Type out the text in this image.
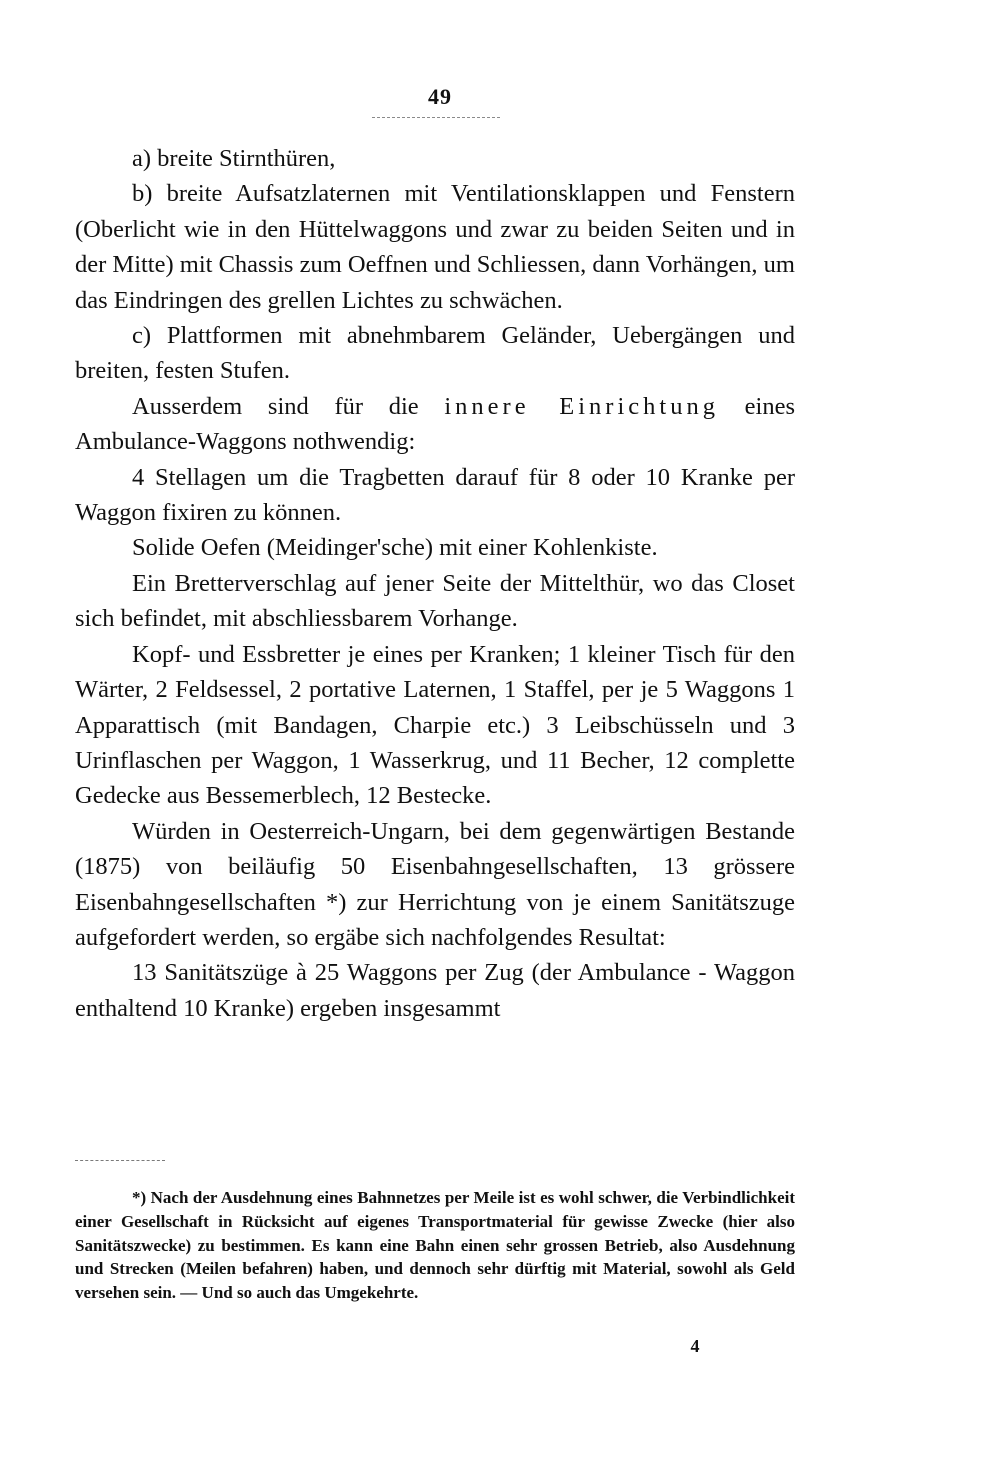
49

a) breite Stirnthüren,

b) breite Aufsatzlaternen mit Ventilationsklappen und Fenstern (Oberlicht wie in den Hüttelwaggons und zwar zu beiden Seiten und in der Mitte) mit Chassis zum Oeffnen und Schliessen, dann Vorhängen, um das Eindringen des grellen Lichtes zu schwächen.

c) Plattformen mit abnehmbarem Geländer, Uebergängen und breiten, festen Stufen.

Ausserdem sind für die innere Einrichtung eines Ambulance-Waggons nothwendig:

4 Stellagen um die Tragbetten darauf für 8 oder 10 Kranke per Waggon fixiren zu können.

Solide Oefen (Meidinger'sche) mit einer Kohlenkiste.

Ein Bretterverschlag auf jener Seite der Mittelthür, wo das Closet sich befindet, mit abschliessbarem Vorhange.

Kopf- und Essbretter je eines per Kranken; 1 kleiner Tisch für den Wärter, 2 Feldsessel, 2 portative Laternen, 1 Staffel, per je 5 Waggons 1 Apparattisch (mit Bandagen, Charpie etc.) 3 Leibschüsseln und 3 Urinflaschen per Waggon, 1 Wasserkrug, und 11 Becher, 12 complette Gedecke aus Bessemerblech, 12 Bestecke.

Würden in Oesterreich-Ungarn, bei dem gegenwärtigen Bestande (1875) von beiläufig 50 Eisenbahngesellschaften, 13 grössere Eisenbahngesellschaften *) zur Herrichtung von je einem Sanitätszuge aufgefordert werden, so ergäbe sich nachfolgendes Resultat:

13 Sanitätszüge à 25 Waggons per Zug (der Ambulance - Waggon enthaltend 10 Kranke) ergeben insgesammt

*) Nach der Ausdehnung eines Bahnnetzes per Meile ist es wohl schwer, die Verbindlichkeit einer Gesellschaft in Rücksicht auf eigenes Transportmaterial für gewisse Zwecke (hier also Sanitätszwecke) zu bestimmen. Es kann eine Bahn einen sehr grossen Betrieb, also Ausdehnung und Strecken (Meilen befahren) haben, und dennoch sehr dürftig mit Material, sowohl als Geld versehen sein. — Und so auch das Umgekehrte.

4
